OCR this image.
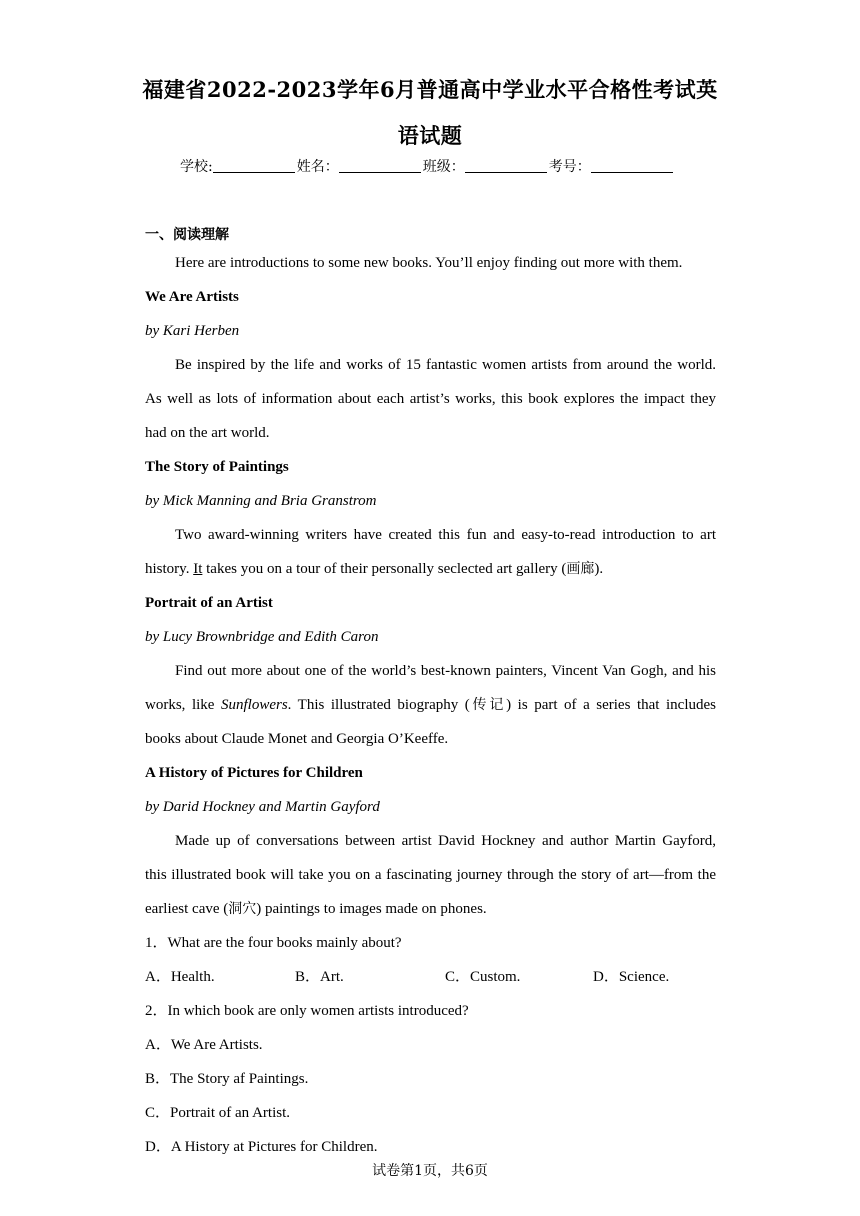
福建省2022-2023学年6月普通高中学业水平合格性考试英
语试题
学校:	姓名：	班级：	考号：
一、阅读理解
Here are introductions to some new books. You’ll enjoy finding out more with them.
We Are Artists
by Kari Herben
Be inspired by the life and works of 15 fantastic women artists from around the world.
As well as lots of information about each artist’s works, this book explores the impact they
had on the art world.
The Story of Paintings
by Mick Manning and Bria Granstrom
Two award-winning writers have created this fun and easy-to-read introduction to art
history. It takes you on a tour of their personally seclected art gallery (画廊).
Portrait of an Artist
by Lucy Brownbridge and Edith Caron
Find out more about one of the world’s best-known painters, Vincent Van Gogh, and his
works, like Sunflowers. This illustrated biography (传记) is part of a series that includes
books about Claude Monet and Georgia O’Keeffe.
A History of Pictures for Children
by Darid Hockney and Martin Gayford
Made up of conversations between artist David Hockney and author Martin Gayford,
this illustrated book will take you on a fascinating journey through the story of art—from the
earliest cave (洞穴) paintings to images made on phones.
1．What are the four books mainly about?
A．Health.	B．Art.	C．Custom.	D．Science.
2．In which book are only women artists introduced?
A．We Are Artists.
B．The Story af Paintings.
C．Portrait of an Artist.
D．A History at Pictures for Children.
试卷第1页，共6页
